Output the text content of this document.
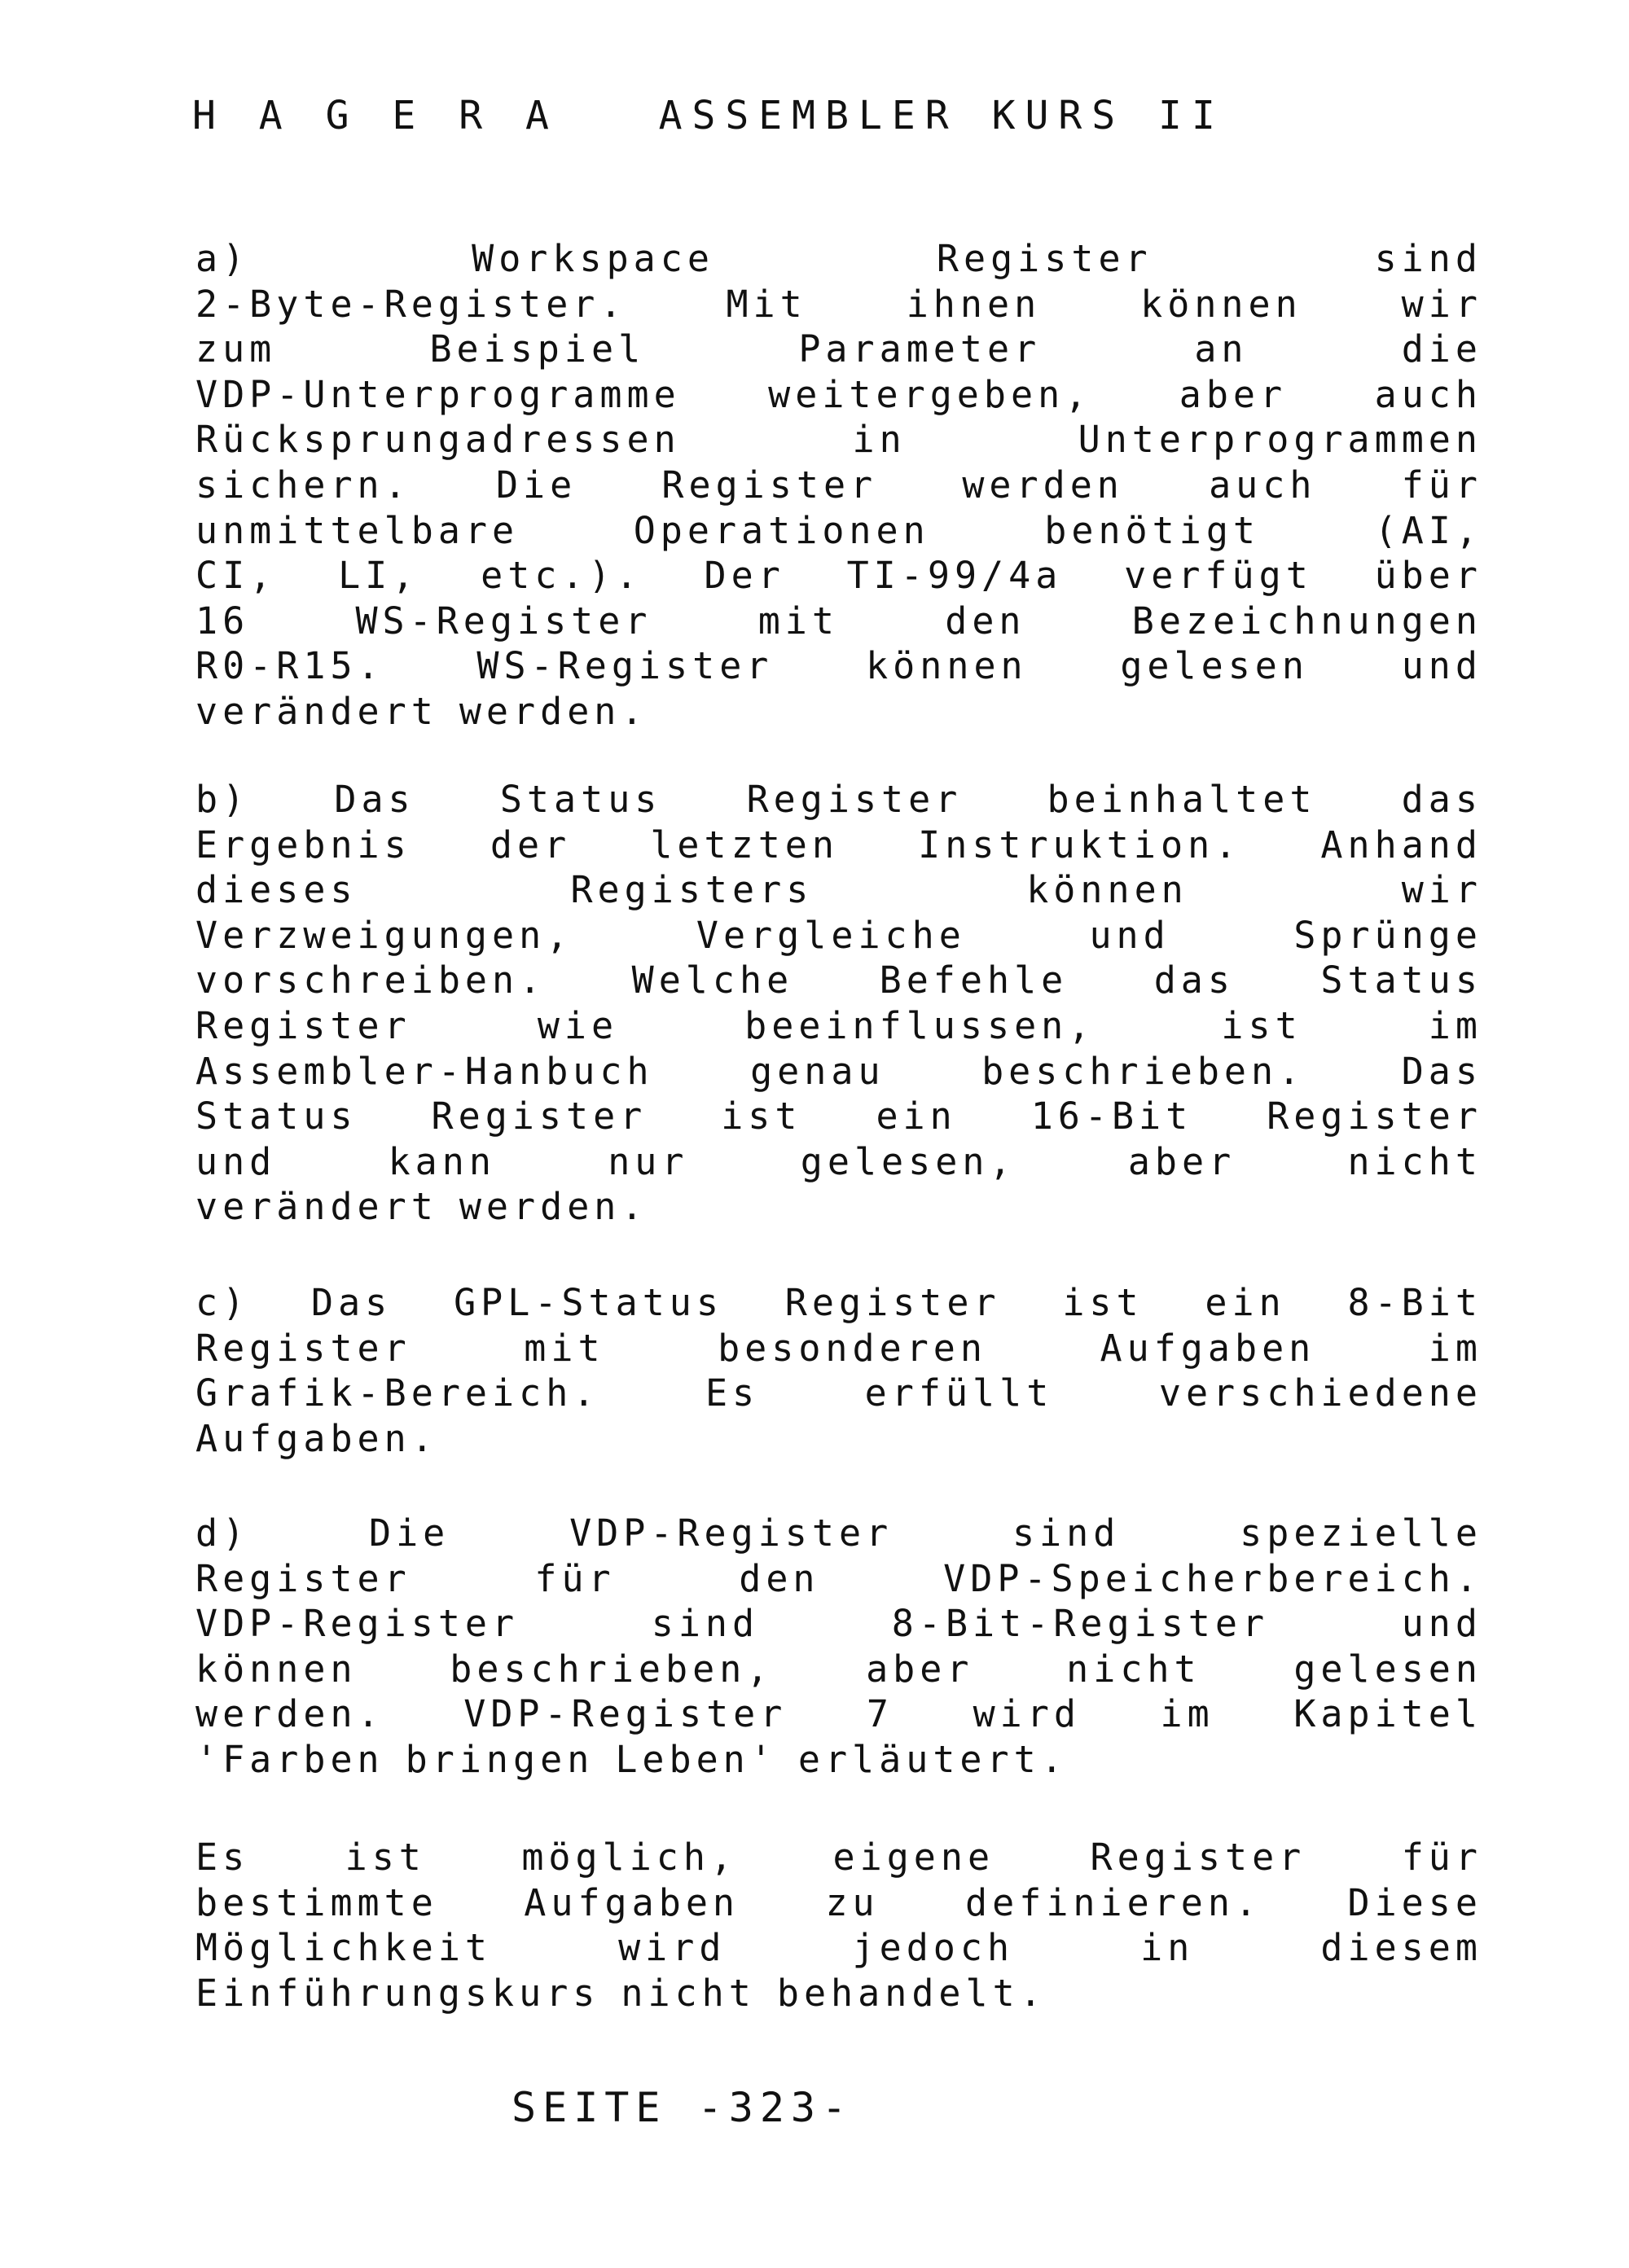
H A G E R A   ASSEMBLER KURS II
a)	Workspace	Register	sind
2-Byte-Register.	Mit	ihnen	können	wir
zum	Beispiel	Parameter	an	die
VDP-Unterprogramme weitergeben, aber auch
Rücksprungadressen	in	Unterprogrammen
sichern. Die Register werden auch für
unmittelbare	Operationen	benötigt	(AI,
CI, LI, etc.). Der TI-99/4a verfügt über
16	WS-Register	mit	den	Bezeichnungen
R0-R15.	WS-Register	können	gelesen	und
verändert werden.
b) Das Status Register beinhaltet das
Ergebnis der letzten Instruktion. Anhand
dieses	Registers	können	wir
Verzweigungen,	Vergleiche	und	Sprünge
vorschreiben. Welche Befehle das Status
Register	wie	beeinflussen,	ist	im
Assembler-Hanbuch	genau	beschrieben.	Das
Status Register ist ein 16-Bit Register
und	kann	nur	gelesen,	aber	nicht
verändert werden.
c) Das GPL-Status Register ist ein 8-Bit
Register	mit	besonderen	Aufgaben	im
Grafik-Bereich.	Es	erfüllt	verschiedene
Aufgaben.
d)	Die	VDP-Register	sind	spezielle
Register	für	den	VDP-Speicherbereich.
VDP-Register	sind	8-Bit-Register	und
können	beschrieben,	aber	nicht	gelesen
werden. VDP-Register 7 wird im Kapitel
'Farben bringen Leben' erläutert.
Es	ist	möglich,	eigene	Register	für
bestimmte Aufgaben zu definieren. Diese
Möglichkeit	wird	jedoch	in	diesem
Einführungskurs nicht behandelt.
SEITE -323-
